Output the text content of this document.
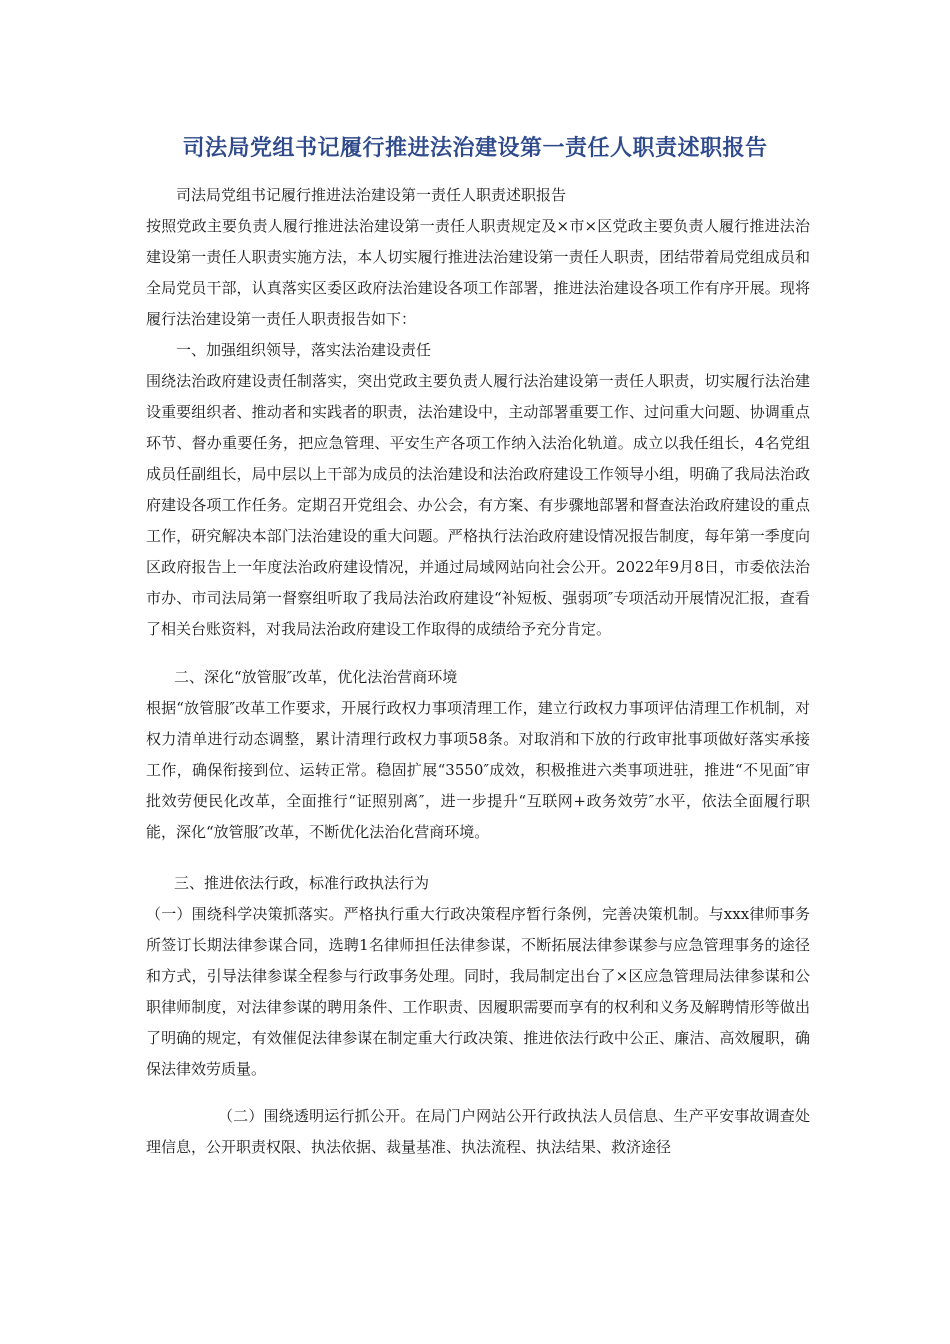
司法局党组书记履行推进法治建设第一责任人职责述职报告

司法局党组书记履行推进法治建设第一责任人职责述职报告

按照党政主要负责人履行推进法治建设第一责任人职责规定及×市×区党政主要负责人履行推进法治建设第一责任人职责实施方法，本人切实履行推进法治建设第一责任人职责，团结带着局党组成员和全局党员干部，认真落实区委区政府法治建设各项工作部署，推进法治建设各项工作有序开展。现将履行法治建设第一责任人职责报告如下：

一、加强组织领导，落实法治建设责任

围绕法治政府建设责任制落实，突出党政主要负责人履行法治建设第一责任人职责，切实履行法治建设重要组织者、推动者和实践者的职责，法治建设中，主动部署重要工作、过问重大问题、协调重点环节、督办重要任务，把应急管理、平安生产各项工作纳入法治化轨道。成立以我任组长，4名党组成员任副组长，局中层以上干部为成员的法治建设和法治政府建设工作领导小组，明确了我局法治政府建设各项工作任务。定期召开党组会、办公会，有方案、有步骤地部署和督查法治政府建设的重点工作，研究解决本部门法治建设的重大问题。严格执行法治政府建设情况报告制度，每年第一季度向区政府报告上一年度法治政府建设情况，并通过局域网站向社会公开。2022年9月8日，市委依法治市办、市司法局第一督察组听取了我局法治政府建设“补短板、强弱项″专项活动开展情况汇报，查看了相关台账资料，对我局法治政府建设工作取得的成绩给予充分肯定。

二、深化“放管服″改革，优化法治营商环境

根据“放管服″改革工作要求，开展行政权力事项清理工作，建立行政权力事项评估清理工作机制，对权力清单进行动态调整，累计清理行政权力事项58条。对取消和下放的行政审批事项做好落实承接工作，确保衔接到位、运转正常。稳固扩展“3550″成效，积极推进六类事项进驻，推进“不见面″审批效劳便民化改革，全面推行“证照别离″，进一步提升“互联网+政务效劳″水平，依法全面履行职能，深化“放管服″改革，不断优化法治化营商环境。

三、推进依法行政，标准行政执法行为

（一）围绕科学决策抓落实。严格执行重大行政决策程序暂行条例，完善决策机制。与xxx律师事务所签订长期法律参谋合同，选聘1名律师担任法律参谋，不断拓展法律参谋参与应急管理事务的途径和方式，引导法律参谋全程参与行政事务处理。同时，我局制定出台了×区应急管理局法律参谋和公职律师制度，对法律参谋的聘用条件、工作职责、因履职需要而享有的权利和义务及解聘情形等做出了明确的规定，有效催促法律参谋在制定重大行政决策、推进依法行政中公正、廉洁、高效履职，确保法律效劳质量。

（二）围绕透明运行抓公开。在局门户网站公开行政执法人员信息、生产平安事故调查处理信息，公开职责权限、执法依据、裁量基准、执法流程、执法结果、救济途径
